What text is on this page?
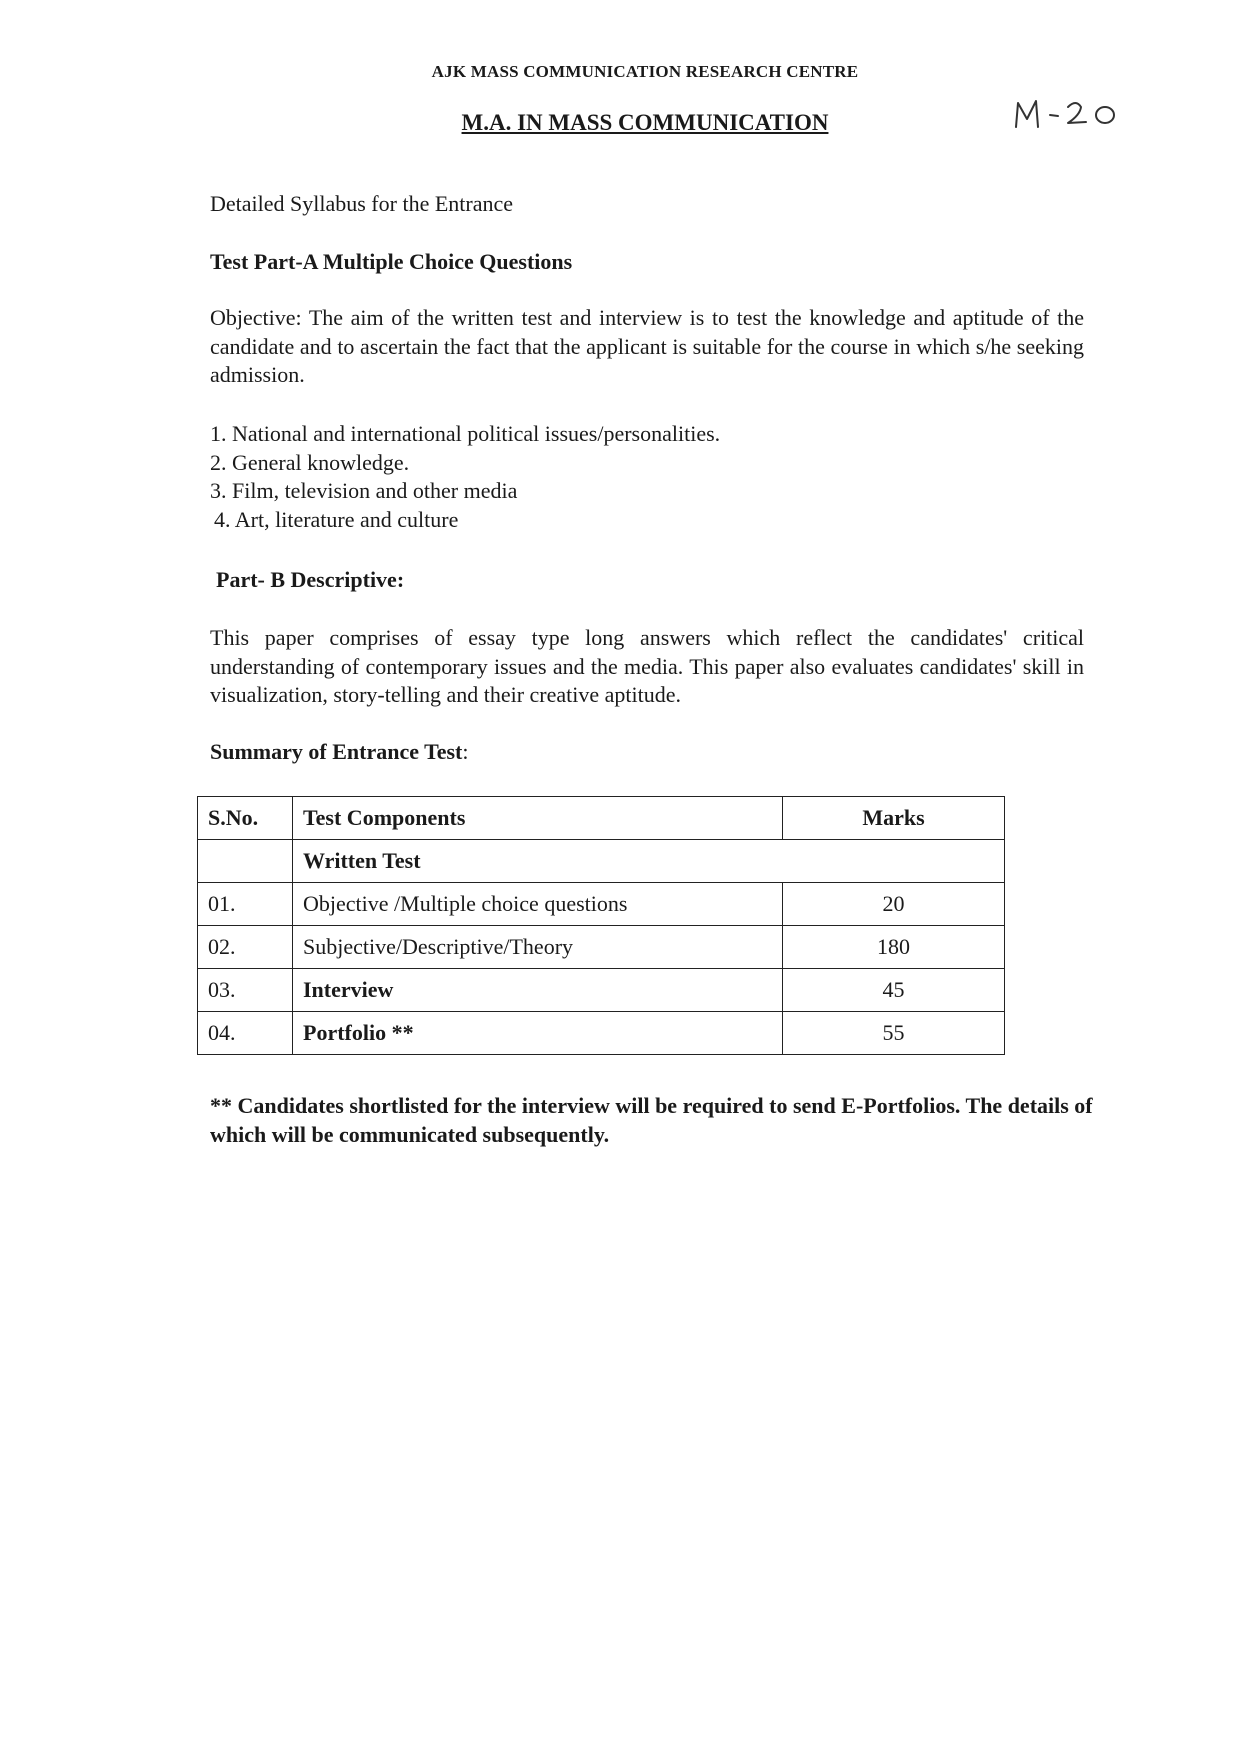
AJK MASS COMMUNICATION RESEARCH CENTRE

M.A. IN MASS COMMUNICATION

Detailed Syllabus for the Entrance

Test Part-A Multiple Choice Questions

Objective: The aim of the written test and interview is to test the knowledge and aptitude of the candidate and to ascertain the fact that the applicant is suitable for the course in which s/he seeking admission.

1. National and international political issues/personalities.
2. General knowledge.
3. Film, television and other media
4. Art, literature and culture

Part- B Descriptive:

This paper comprises of essay type long answers which reflect the candidates' critical understanding of contemporary issues and the media. This paper also evaluates candidates' skill in visualization, story-telling and their creative aptitude.

Summary of Entrance Test:

S.No.	Test Components	Marks
	Written Test	
01.	Objective /Multiple choice questions	20
02.	Subjective/Descriptive/Theory	180
03.	Interview	45
04.	Portfolio **	55

** Candidates shortlisted for the interview will be required to send E-Portfolios. The details of which will be communicated subsequently.
